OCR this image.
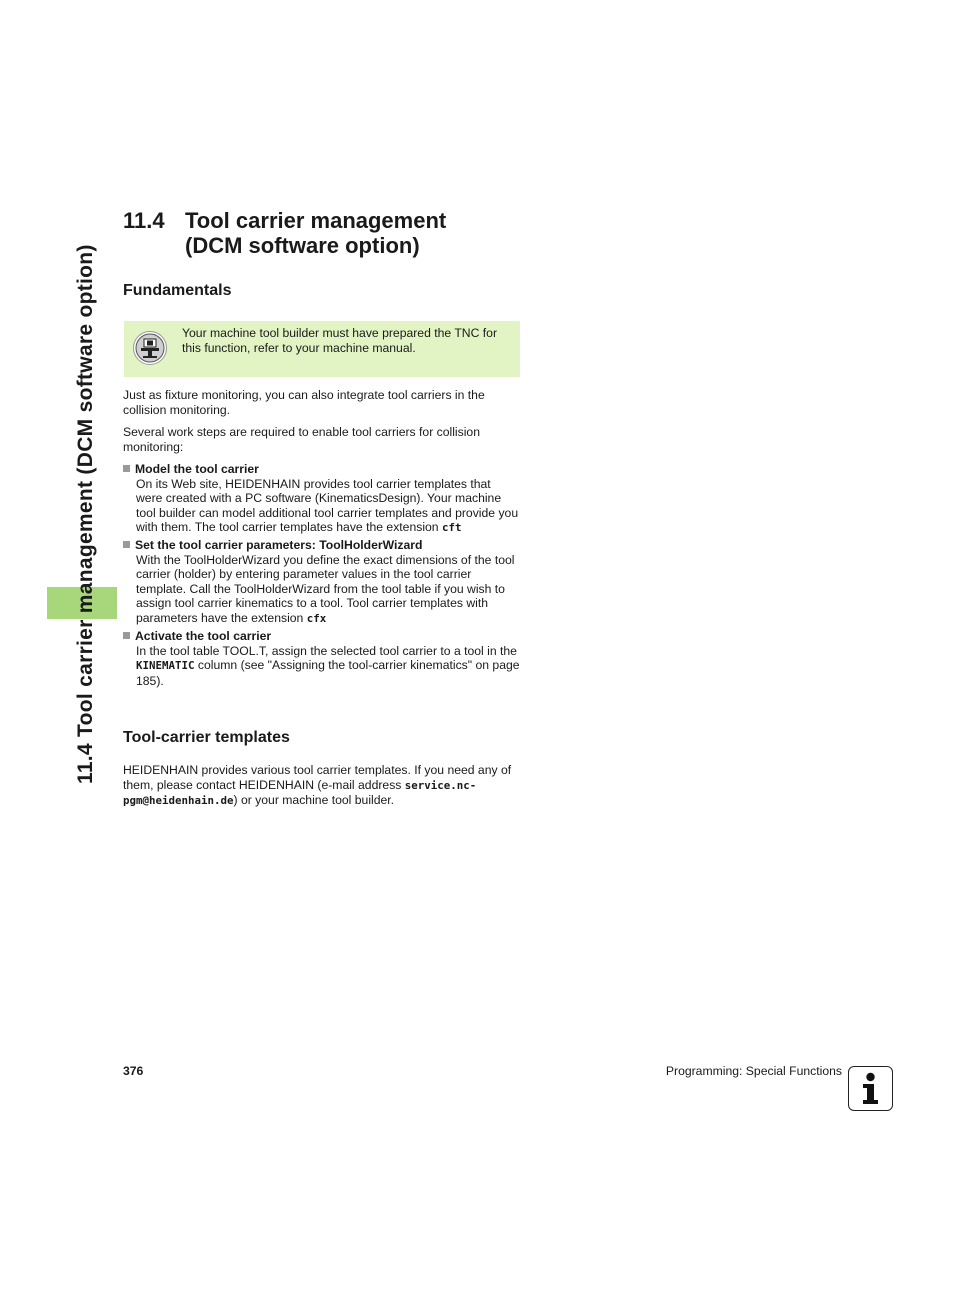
11.4 Tool carrier management (DCM software option)
11.4 Tool carrier management
(DCM software option)
Fundamentals
Your machine tool builder must have prepared the TNC for this function, refer to your machine manual.
Just as fixture monitoring, you can also integrate tool carriers in the collision monitoring.
Several work steps are required to enable tool carriers for collision monitoring:
Model the tool carrier
On its Web site, HEIDENHAIN provides tool carrier templates that were created with a PC software (KinematicsDesign). Your machine tool builder can model additional tool carrier templates and provide you with them. The tool carrier templates have the extension cft
Set the tool carrier parameters: ToolHolderWizard
With the ToolHolderWizard you define the exact dimensions of the tool carrier (holder) by entering parameter values in the tool carrier template. Call the ToolHolderWizard from the tool table if you wish to assign tool carrier kinematics to a tool. Tool carrier templates with parameters have the extension cfx
Activate the tool carrier
In the tool table TOOL.T, assign the selected tool carrier to a tool in the KINEMATIC column (see "Assigning the tool-carrier kinematics" on page 185).
Tool-carrier templates
HEIDENHAIN provides various tool carrier templates. If you need any of them, please contact HEIDENHAIN (e-mail address service.nc-
pgm@heidenhain.de) or your machine tool builder.
376	Programming: Special Functions
